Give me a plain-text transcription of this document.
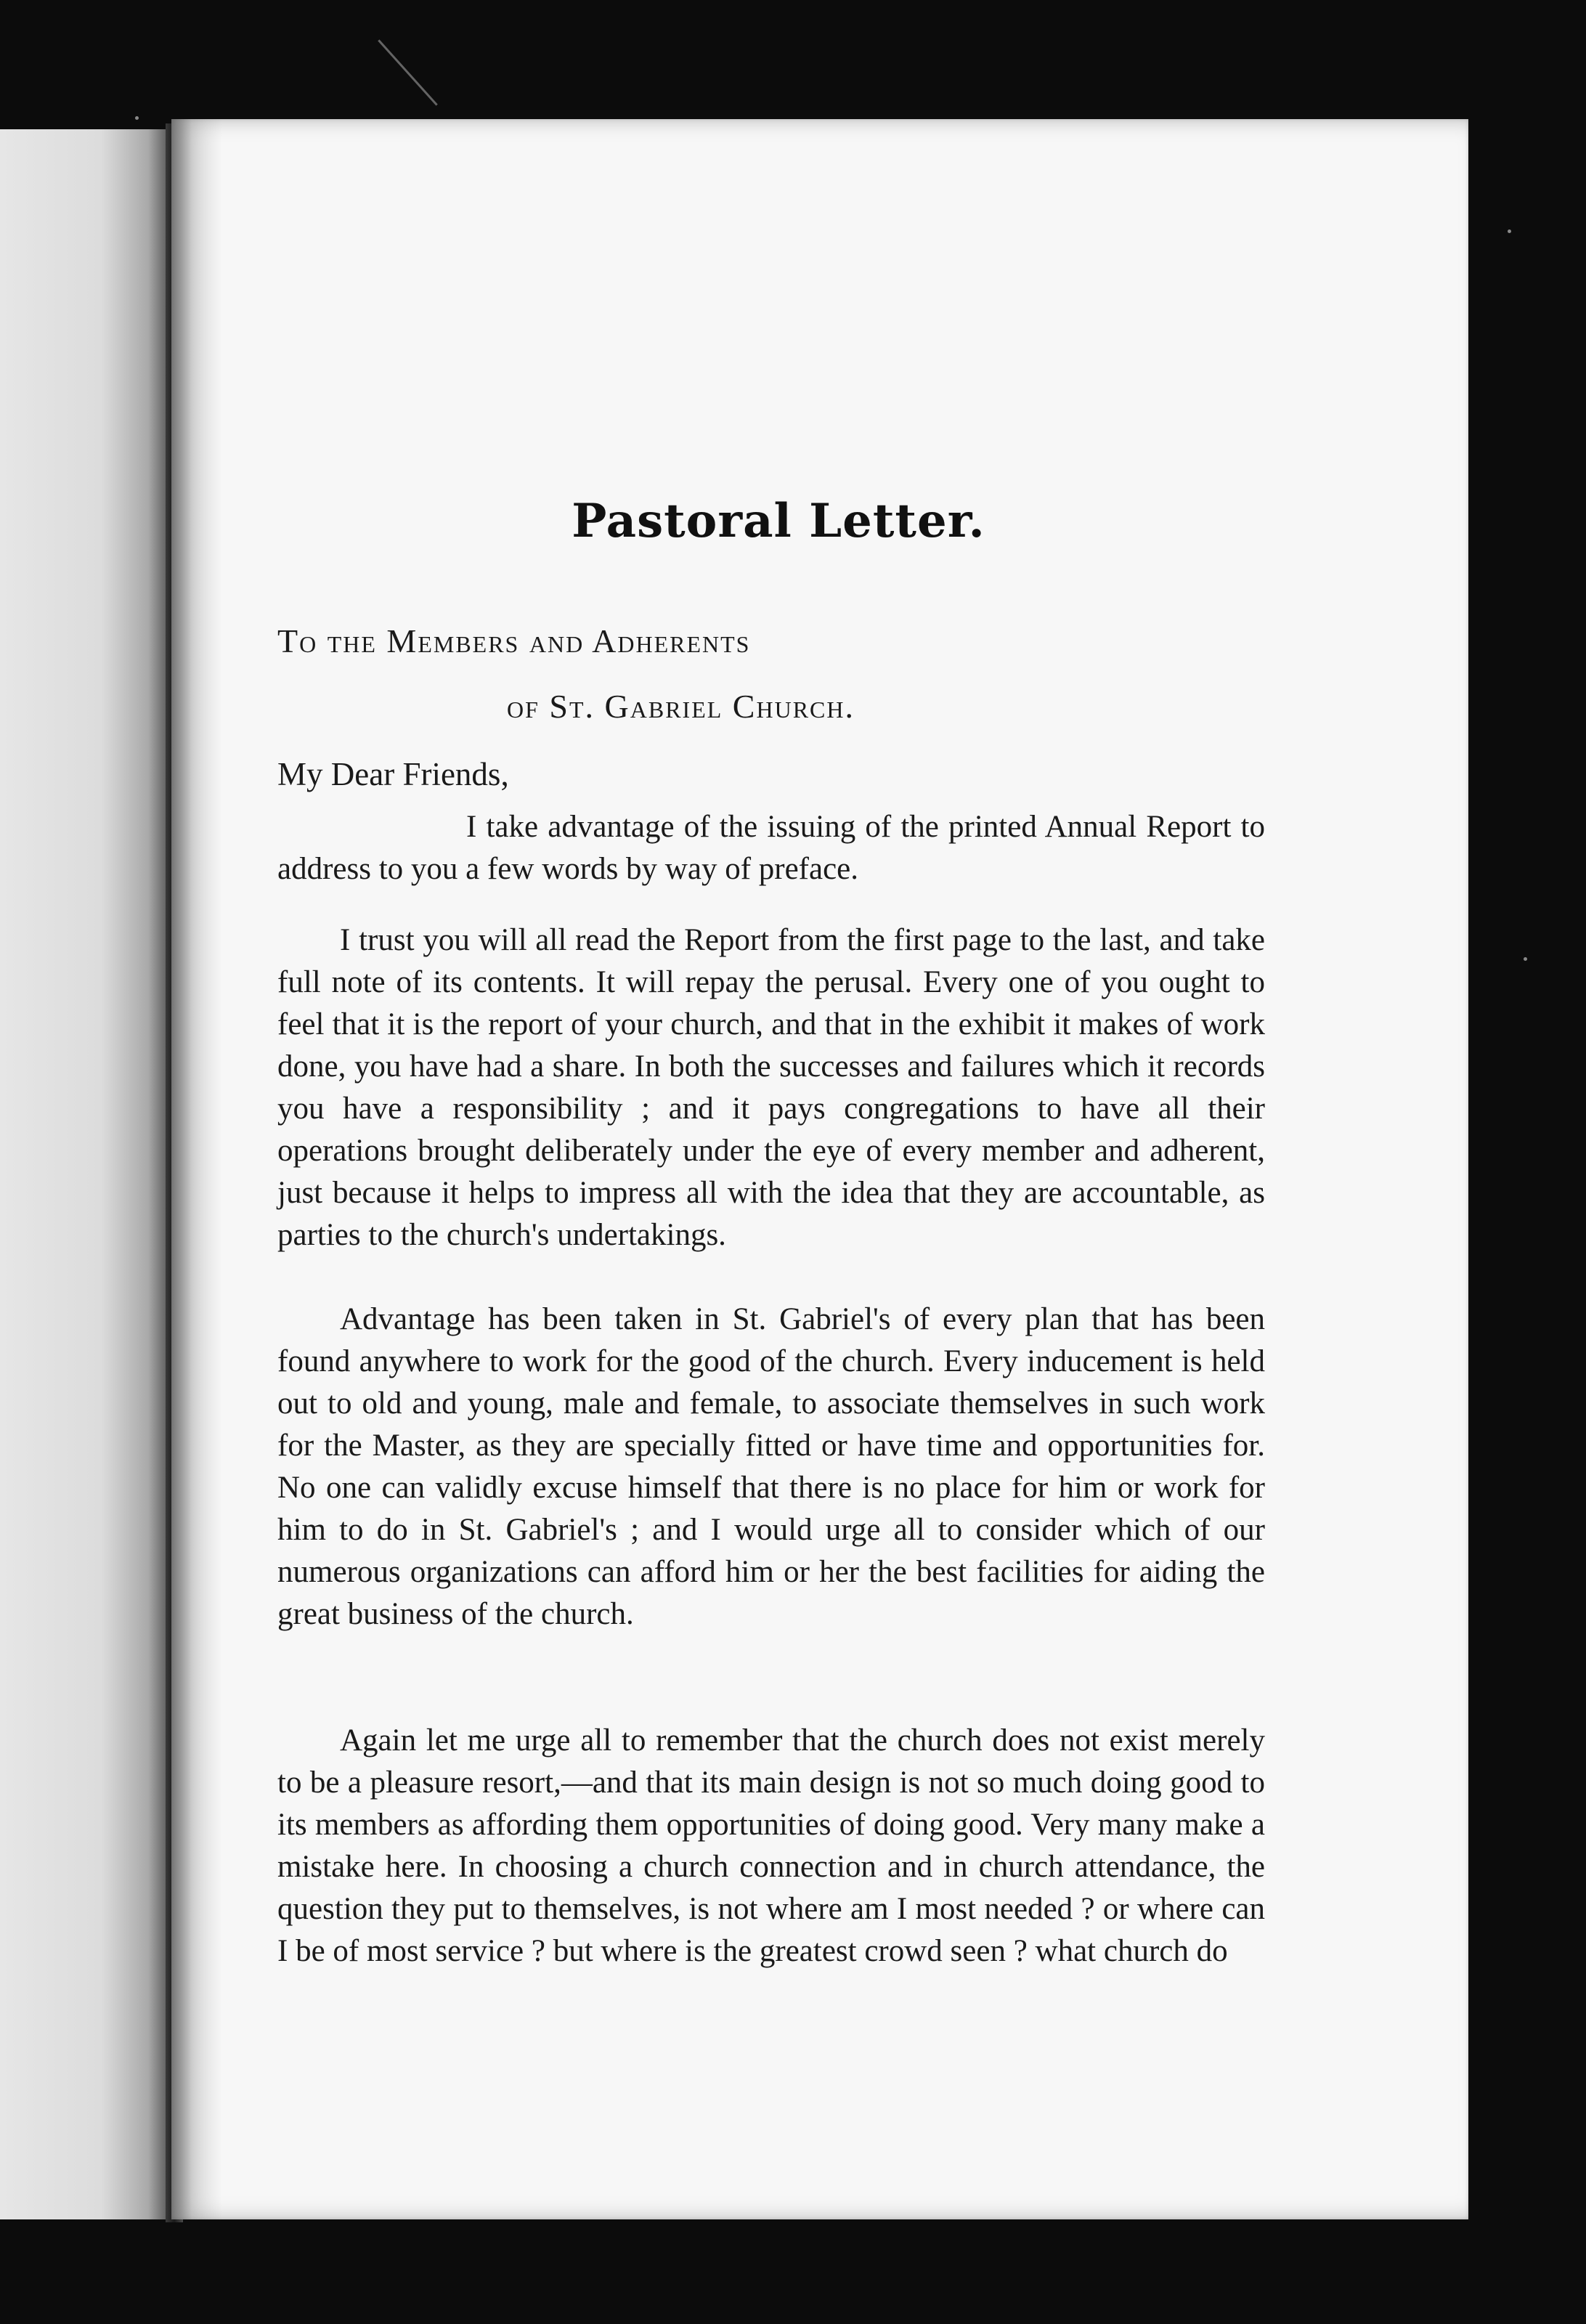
Pastoral Letter.
To the Members and Adherents
of St. Gabriel Church.
My Dear Friends,

I take advantage of the issuing of the printed Annual Report to address to you a few words by way of preface.

I trust you will all read the Report from the first page to the last, and take full note of its contents. It will repay the perusal. Every one of you ought to feel that it is the report of your church, and that in the exhibit it makes of work done, you have had a share. In both the successes and failures which it records you have a responsibility ; and it pays congregations to have all their operations brought deliberately under the eye of every member and adherent, just because it helps to impress all with the idea that they are accountable, as parties to the church's undertakings.

Advantage has been taken in St. Gabriel's of every plan that has been found anywhere to work for the good of the church. Every inducement is held out to old and young, male and female, to associate themselves in such work for the Master, as they are specially fitted or have time and opportunities for. No one can validly excuse himself that there is no place for him or work for him to do in St. Gabriel's ; and I would urge all to consider which of our numerous organizations can afford him or her the best facilities for aiding the great business of the church.

Again let me urge all to remember that the church does not exist merely to be a pleasure resort,—and that its main design is not so much doing good to its members as affording them opportunities of doing good. Very many make a mistake here. In choosing a church connection and in church attendance, the question they put to themselves, is not where am I most needed ? or where can I be of most service ? but where is the greatest crowd seen ? what church do
